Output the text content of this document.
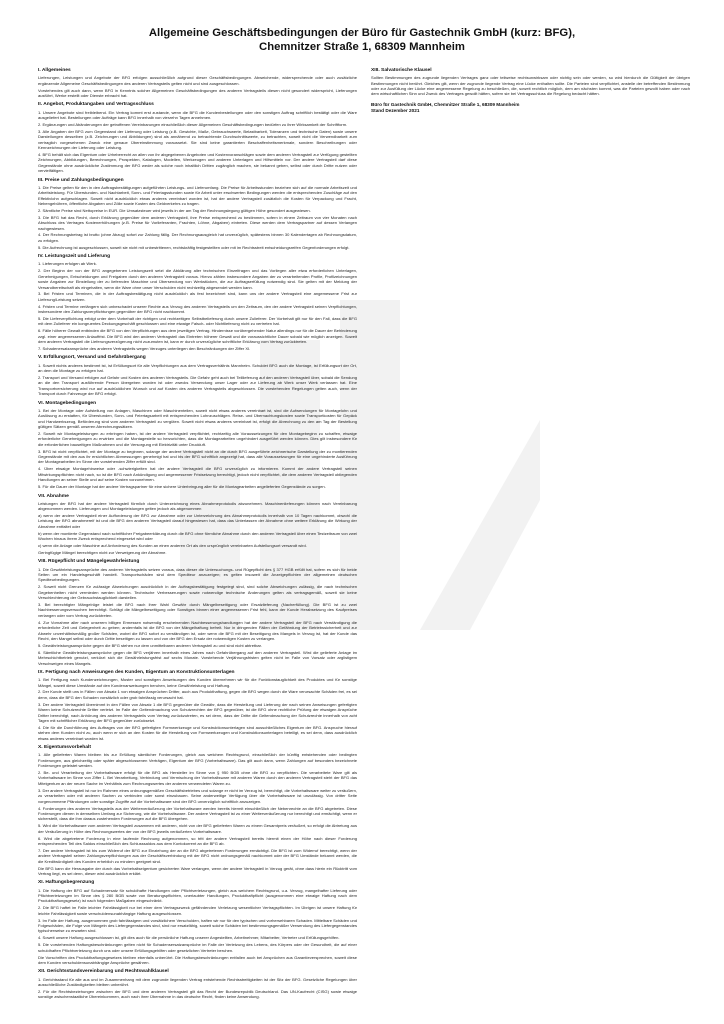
Allgemeine Geschäftsbedingungen der Büro für Gastechnik GmbH (kurz: BFG),
Chemnitzer Straße 1, 68309 Mannheim
I. Allgemeines

Lieferungen, Leistungen und Angebote der BFG erfolgen ausschließlich aufgrund dieser Geschäftsbedingungen. Abweichende, widersprechende oder auch zusätzliche ergänzende Allgemeine Geschäftsbedingungen des anderen Vertragsteils gelten nicht und sind ausgeschlossen.

Vorstehendes gilt auch dann, wenn BFG in Kenntnis solcher Allgemeinen Geschäftsbedingungen des anderen Vertragsteils diesen nicht gesondert widerspricht, Lieferungen ausführt, Werke erstellt oder Dienste erbracht hat.

II. Angebot, Produktangaben und Vertragsschluss

1. Unsere Angebote sind freibleibend. Ein Vertrag kommt erst zustande, wenn die BFG die Kundenbestellungen oder den sonstigen Auftrag schriftlich bestätigt oder die Ware ausgeliefert hat. Bestellungen oder Aufträge kann BFG innerhalb von vierzehn Tagen annehmen.

2. Ergänzungen und Abänderungen der getroffenen Vereinbarungen einschließlich dieser Allgemeinen Geschäftsbedingungen bedürfen zu ihrer Wirksamkeit der Schriftform.

3. Alle Angaben der BFG zum Gegenstand der Lieferung oder Leistung (z.B. Gewichte, Maße, Gebrauchswerte, Belastbarkeit, Toleranzen und technische Daten) sowie unsere Darstellungen desselben (z.B. Zeichnungen und Abbildungen) sind als annähernd zu betrachtende Durchschnittswerte, zu betrachten, soweit nicht die Verwendbarkeit zum vertraglich vorgesehenen Zweck eine genaue Übereinstimmung voraussetzt. Sie sind keine garantierten Beschaffenheitsmerkmale, sondern Beschreibungen oder Kennzeichnungen der Lieferung oder Leistung.

4. BFG behält sich das Eigentum oder Urheberrecht an allen von ihr abgegebenen Angeboten und Kostenvoranschlägen sowie dem anderen Vertragsteil zur Verfügung gestellten Zeichnungen, Abbildungen, Berechnungen, Prospekten, Katalogen, Modellen, Werkzeugen und anderen Unterlagen und Hilfsmitteln vor. Der andere Vertragsteil darf diese Gegenstände ohne ausdrückliche Zustimmung der BFG weder als solche noch inhaltlich Dritten zugänglich machen, sie bekannt geben, selbst oder durch Dritte nutzen oder vervielfältigen.

III. Preise und Zahlungsbedingungen

1. Die Preise gelten für den in den Auftragsbestätigungen aufgeführten Leistungs- und Lieferumfang. Die Preise für Arbeitsstunden beziehen sich auf die normale Arbeitszeit und Arbeitsleistung. Für Überstunden- und Nachtarbeit, Sonn- und Feiertagsstunden sowie für Arbeit unter erschwerten Bedingungen werden die entsprechenden Zuschläge auf den Effektivlohn aufgeschlagen. Soweit nicht ausdrücklich etwas anderes vereinbart worden ist, hat der andere Vertragsteil zusätzlich die Kosten für Verpackung und Fracht, Nebengebühren, öffentliche Abgaben und Zölle sowie Kosten des Geldverkehrs zu tragen.

2. Sämtliche Preise sind Nettopreise in EUR. Die Umsatzsteuer wird jeweils in der am Tag der Rechnungslegung gültigen Höhe gesondert ausgewiesen.

3. Die BFG hat das Recht, durch Erklärung gegenüber dem anderen Vertragsteil, ihre Preise entsprechend zu bestimmen, sofern in einem Zeitraum von vier Monaten nach Abschluss des Vertrages Kostenerhöhungen (z.B. Preise für Vorlieferanten, Frachten, Löhne, Abgaben) eintreten. Diese werden dem Vertragspartner auf dessen Verlangen nachgewiesen.

4. Der Rechnungsbetrag ist brutto (ohne Abzug) sofort zur Zahlung fällig. Der Rechnungsausgleich hat unverzüglich, spätestens binnen 30 Kalendertagen ab Rechnungsdatum, zu erfolgen.

5. Die Aufrechnung ist ausgeschlossen, soweit sie nicht mit unbestrittenen, rechtskräftig festgestellten oder mit im Rechtsstreit entscheidungsreifen Gegenforderungen erfolgt.

IV. Leistungszeit und Lieferung

1. Lieferungen erfolgen ab Werk.

2. Der Beginn der von der BFG angegebenen Leistungszeit setzt die Abklärung aller technischen Einzelfragen und das Vorliegen aller etwa erforderlichen Unterlagen, Genehmigungen, Entscheidungen und Freigaben durch den anderen Vertragsteil voraus. Hierzu zählen insbesondere Angaben der zu verarbeitenden Profile, Profilzeichnungen sowie Angaben zur Einstellung der zu liefernden Maschine und Übersendung von Werkstücken, die zur Auftragserfüllung notwendig sind. Sie gelten mit der Meldung der Versandbereitschaft als eingehalten, wenn die Ware ohne unser Verschulden nicht rechtzeitig abgesendet werden kann.

3. Bei Fristen und Terminen, die in der Auftragsbestätigung nicht ausdrücklich als fest bezeichnet sind, kann uns der andere Vertragsteil eine angemessene Frist zur Lieferung/Leistung setzen.

4. Fristen und Termine verlängern sich unbeschadet unserer Rechte aus Verzug des anderen Vertragsteils um den Zeitraum, den der andere Vertragsteil seinen Verpflichtungen, insbesondere den Zahlungsverpflichtungen gegenüber der BFG nicht nachkommt.

5. Die Lieferverpflichtung erfolgt unter dem Vorbehalt der richtigen und rechtzeitigen Selbstbelieferung durch unsere Zulieferer. Der Vorbehalt gilt nur für den Fall, dass die BFG mit dem Zulieferer ein kongruentes Deckungsgeschäft geschlossen und eine etwaige Falsch- oder Nichtlieferung nicht zu vertreten hat.

6. Fälle höherer Gewalt entbinden die BFG von den Verpflichtungen aus dem jeweiligen Vertrag. Hindernisse vorübergehender Natur allerdings nur für die Dauer der Behinderung zzgl. einer angemessenen Anlauffrist. Die BFG wird den anderen Vertragsteil das Eintreten höherer Gewalt und die voraussichtliche Dauer sobald wie möglich anzeigen. Soweit dem anderen Vertragsteil die Lieferungsverzögerung nicht zuzumuten ist, kann er durch unverzügliche schriftliche Erklärung vom Vertrag zurücktreten.

7. Schadenersatzansprüche des anderen Vertragsteils wegen Verzuges unterliegen den Beschränkungen der Ziffer XI.

V. Erfüllungsort, Versand und Gefahrübergang

1. Soweit nichts anderes bestimmt ist, ist Erfüllungsort für alle Verpflichtungen aus dem Vertragsverhältnis Mannheim. Schuldet BFG auch die Montage, ist Erfüllungsort der Ort, an dem die Montage zu erfolgen hat.

2. Transport und Versand erfolgen auf Gefahr und Kosten des anderen Vertragsteils. Die Gefahr geht auch bei Teillieferung auf den anderen Vertragsteil über, sobald die Sendung an die den Transport ausführende Person übergeben worden ist oder zwecks Versendung unser Lager oder zur Lieferung ab Werk unser Werk verlassen hat. Eine Transportversicherung wird nur auf ausdrücklichen Wunsch und auf Kosten des anderen Vertragsteils abgeschlossen. Die vorstehenden Regelungen gelten auch, wenn der Transport durch Fahrzeuge der BFG erfolgt.

VI. Montagebedingungen

1. Bei der Montage oder Aufstellung von Anlagen, Maschinen oder Maschinenteilen, soweit nicht etwas anderes vereinbart ist, sind die Aufwendungen für Montagelohn und Auslösung zu erstatten, für Überstunden, Sonn- und Feiertagsarbeit mit entsprechenden Lohnzuschlägen. Reise- und Übernachtungskosten sowie Transportkosten für Gepäck und Handwerkszeug, Beförderung sind vom anderen Vertragsteil zu vergüten. Soweit nicht etwas anderes vereinbart ist, erfolgt die Abrechnung zu den am Tag der Bestellung gültigen Sätzen gemäß unseren Abrechnungssätzen.

2. Soweit wir Montageleistungen zu erbringen haben, ist der andere Vertragsteil verpflichtet, rechtzeitig alle Voraussetzungen für den Montagebeginn zu schaffen, etwaige erforderliche Genehmigungen zu erwirken und die Montagestelle so herzurichten, dass die Montagearbeiten ungehindert ausgeführt werden können. Dies gilt insbesondere für die erforderlichen bauseitigen Maßnahmen und die Versorgung mit Elektrizität unter Druckluft.

3. BFG ist nicht verpflichtet, mit der Montage zu beginnen, solange der andere Vertragsteil nicht an die durch BFG ausgeführte zeichnerische Darstellung der zu montierenden Gegenstände mit den aus ihr ersichtlichen Abmessungen genehmigt hat und bis der BFG schriftlich angezeigt hat, dass alle Voraussetzungen für eine ungehinderte Ausführung der Montagearbeiten im Sinne der vorstehenden Ziffer erfüllt sind.

4. Über etwaige Montagehinweise oder -schwierigkeiten hat der andere Vertragsteil die BFG unverzüglich zu informieren. Kommt der andere Vertragsteil seinen Mitwirkungspflichten nicht nach, so ist die BFG nach Ankündigung und angemessener Fristsetzung berechtigt, jedoch nicht verpflichtet, die dem anderen Vertragsteil obliegenden Handlungen an seiner Stelle und auf seine Kosten vorzunehmen.

5. Für die Dauer der Montage hat der andere Vertragspartner für eine sichere Unterbringung aller für die Montagearbeiten angelieferten Gegenstände zu sorgen.

VII. Abnahme

Leistungen der BFG hat der andere Vertragsteil förmlich durch Unterzeichnung eines Abnahmeprotokolls abzunehmen. Maschinenlieferungen können nach Vereinbarung abgenommen werden. Lieferungen und Montageleistungen gelten jedoch als abgenommen

a) wenn der andere Vertragsteil einer Aufforderung der BFG zur Abnahme oder zur Unterzeichnung des Abnahmeprotokolls innerhalb von 10 Tagen nachkommt, obwohl die Leistung der BFG abnahmereif ist und die BFG den anderen Vertragsteil darauf hingewiesen hat, dass das Unterlassen der Abnahme ohne weitere Erklärung die Wirkung der Abnahme entfaltet oder

b) wenn der montierte Gegenstand nach schriftlicher Freigabeerklärung durch die BFG ohne förmliche Abnahme durch den anderen Vertragsteil über einen Testzeitraum von zwei Wochen hinaus ihrem Zweck entsprechend eingesetzt wird oder

c) wenn die Anlage oder Maschine auf Anforderung des Kunden an einen anderen Ort als den ursprünglich vereinbarten Aufstellungsort versandt wird.

Geringfügige Mängel berechtigen nicht zur Verweigerung der Abnahme.

VIII. Rügepflicht und Mängelgewährleistung

1. Die Gewährleistungsansprüche des anderen Vertragsteils setzen voraus, dass dieser die Untersuchungs- und Rügepflicht des § 377 HGB erfüllt hat, sofern es sich für beide Seiten um ein Handelsgeschäft handelt. Transportschäden sind dem Spediteur anzuzeigen; es gelten insoweit die Anzeigepflichten der allgemeinen deutschen Spediteurbedingungen.

2. Soweit nicht Grenzen für zulässige Abweichungen ausdrücklich in der Auftragsbestätigung festgelegt sind, sind solche Abweichungen zulässig, die nach technischen Gegebenheiten nicht vermieden werden können. Technische Verbesserungen sowie notwendige technische Änderungen gelten als vertragsgemäß, soweit sie keine Verschlechterung der Gebrauchstauglichkeit darstellen.

3. Bei berechtigter Mängelrüge leistet die BFG nach ihrer Wahl Gewähr durch Mängelbeseitigung oder Ersatzlieferung (Nacherfüllung). Die BFG ist zu zwei Nachbesserungsversuchen berechtigt. Schlägt die Mängelbeseitigung oder Sonstiges binnen einer angemessenen Frist fehl, kann der Kunde Herabsetzung des Kaufpreises verlangen oder vom Vertrag zurücktreten.

4. Zur Vornahme aller nach unserem billigen Ermessen notwendig erscheinenden Nachbesserungshandlungen hat der andere Vertragsteil der BFG nach Verständigung die erforderliche Zeit und Gelegenheit zu geben; andernfalls ist die BFG von der Mängelhaftung befreit. Nur in dringenden Fällen der Gefährdung der Betriebssicherheit und zur Abwehr unverhältnismäßig großer Schäden, wobei die BFG sofort zu verständigen ist, oder wenn die BFG mit der Beseitigung des Mangels in Verzug ist, hat der Kunde das Recht, den Mangel selbst oder durch Dritte beseitigen zu lassen und von der BFG den Ersatz der notwendigen Kosten zu verlangen.

5. Gewährleistungsansprüche gegen die BFG stehen nur dem unmittelbaren anderen Vertragsteil zu und sind nicht abtretbar.

6. Sämtliche Gewährleistungsansprüche gegen die BFG verjähren innerhalb eines Jahres nach Gefahrübergang auf den anderen Vertragsteil. Wird die gelieferte Anlage im Mehrschichtbetrieb genutzt, verkürzt sich die Gewährleistungsfrist auf sechs Monate. Vorstehende Verjährungsfristen gelten nicht im Falle von Vorsatz oder arglistigem Verschweigen eines Mangels.

IX. Fertigung nach Anweisungen des Kunden, Eigentum an Konstruktionsunterlagen

1. Bei Fertigung nach Kundenzeichnungen, Muster und sonstigen Anweisungen des Kunden übernehmen wir für die Funktionstauglichkeit des Produktes und für sonstige Mängel, soweit diese Umstände auf den Kundenanweisungen beruhen, keine Gewährleistung und Haftung.

2. Der Kunde stellt uns in Fällen von Absatz 1 von etwaigen Ansprüchen Dritter, auch aus Produkthaftung, gegen die BFG wegen durch die Ware verursachte Schäden frei, es sei denn, dass die BFG den Schaden vorsätzlich oder grob fahrlässig verursacht hat.

3. Der andere Vertragsteil übernimmt in den Fällen von Absatz 1 die BFG gegenüber die Gewähr, dass die Herstellung und Lieferung der nach seinen Anweisungen gefertigten Waren keine Schutzrechte Dritter verletzt. Im Falle der Geltendmachung von Schutzrechten der BFG gegenüber, ist die BFG ohne rechtliche Prüfung der etwaigen Ansprüche Dritter berechtigt, nach Anhörung des anderen Vertragsteils vom Vertrag zurückzutreten, es sei denn, dass der Dritte die Geltendmachung der Schutzrechte innerhalb von acht Tagen mit schriftlicher Erklärung der BFG gegenüber zurücksetzt.

4. Die für die Durchführung des Auftrages von der BFG gefertigten Formwerkzeuge und Konstruktionsunterlagen sind ausschließliches Eigentum der BFG. Anspruche hierauf stehen dem Kunden nicht zu, auch wenn er sich an den Kosten für die Herstellung von Formwerkzeugen und Konstruktionsunterlagen beteiligt, es sei denn, dass ausdrücklich etwas anderes vereinbart worden ist.

X. Eigentumsvorbehalt

1. Alle gelieferten Waren bleiben bis zur Erfüllung sämtlicher Forderungen, gleich aus welchem Rechtsgrund, einschließlich der künftig entstehenden oder bedingten Forderungen, aus gleichzeitig oder später abgeschlossenen Verträgen, Eigentum der BFG (Vorbehaltsware). Das gilt auch dann, wenn Zahlungen auf besonders bezeichnete Forderungen geleistet werden.

2. Be- und Verarbeitung der Vorbehaltsware erfolgt für die BFG als Hersteller im Sinne von § 950 BGB ohne die BFG zu verpflichten. Die verarbeitete Ware gilt als Vorbehaltsware im Sinne von Ziffer 1. Bei Verarbeitung, Verbindung und Vermischung der Vorbehaltsware mit anderen Waren durch den anderen Vertragsteil steht der BFG das Miteigentum an der neuen Sache im Verhältnis zum Rechnungswertes der anderen verwendeten Waren zu.

3. Der andere Vertragsteil ist nur im Rahmen eines ordnungsgemäßen Geschäftsbetriebes und solange er nicht im Verzug ist, berechtigt, die Vorbehaltsware weiter zu veräußern, zu verarbeiten oder mit anderen Sachen zu verbinden oder sonst einzubauen. Seine anderweitige Verfügung über die Vorbehaltsware ist unzulässig. Von dritter Seite vorgenommene Pfändungen oder sonstige Zugriffe auf die Vorbehaltsware sind der BFG unverzüglich schriftlich anzuzeigen.

4. Forderungen des anderen Vertragsteils aus der Weiterveräußerung der Vorbehaltsware werden bereits hiermit einschließlich der Nebenrechte an die BFG abgetreten. Diese Forderungen dienen in demselben Umfang zur Sicherung, wie die Vorbehaltsware. Der andere Vertragsteil ist zu einer Weiterveräußerung nur berechtigt und ermächtigt, wenn er sicherstellt, dass die ihm daraus zustehenden Forderungen auf die BFG übergehen.

5. Wird die Vorbehaltsware vom anderen Vertragsteil zusammen mit anderen, nicht von der BFG gelieferten Waren zu einem Gesamtpreis veräußert, so erfolgt die Abtretung aus der Veräußerung in Höhe des Rechnungswertes der von der BFG jeweils veräußerten Vorbehaltsware.

6. Wird die abgetretene Forderung in eine laufende Rechnung aufgenommen, so tritt der andere Vertragsteil bereits hiermit einen der Höhe nach dieser Forderung entsprechenden Teil des Saldos einschließlich des Schlusssaldos aus dem Kontokorrent an die BFG ab.

7. Der andere Vertragsteil ist bis zum Widerruf der BFG zur Einziehung der an die BFG abgetretenen Forderungen ermächtigt. Die BFG ist zum Widerruf berechtigt, wenn der andere Vertragsteil seinen Zahlungsverpflichtungen aus der Geschäftsverbindung mit der BFG nicht ordnungsgemäß nachkommt oder der BFG Umstände bekannt werden, die die Kreditwürdigkeit des Kunden erheblich zu mindern geeignet sind.

Die BFG kann die Herausgabe der durch das Vorbehaltseigentum gesicherten Ware verlangen, wenn der andere Vertragsteil in Verzug gerät, ohne dass hierin ein Rücktritt vom Vertrag liegt, es sei denn, dieser wird ausdrücklich erklärt.

XI. Haftungsbegrenzung

1. Die Haftung der BFG auf Schadenersatz für schuldhafte Handlungen oder Pflichtverletzungen, gleich aus welchem Rechtsgrund, u.a. Verzug, mangelhafter Lieferung oder Pflichtverletzungen im Sinne des § 280 BGB sowie von Beratungspflichten, unerlaubter Handlungen, Produkthaftpflicht (ausgenommen eine etwaige Haftung nach dem Produkthaftungsgesetz) ist nach folgenden Maßgaben eingeschränkt.

2. Die BFG haftet im Falle leichter Fahrlässigkeit nur bei einer dem Vertragszweck gefährdenden Verletzung wesentlicher Vertragspflichten. Im Übrigen ist unsere Haftung für leichte Fahrlässigkeit sowie verschuldensunabhängige Haftung ausgeschlossen.

3. Im Falle der Haftung, ausgenommen grob fahrlässigem und vorsätzlichem Verschulden, haften wir nur für den typischen und vorhersehbaren Schaden. Mittelbare Schäden und Folgeschäden, die Folge von Mängeln des Liefergegenstandes sind, sind nur ersatzfähig, soweit solche Schäden bei bestimmungsgemäßer Verwendung des Liefergegenstandes typischerweise zu erwarten sind.

4. Soweit unsere Haftung ausgeschlossen ist, gilt dies auch für die persönliche Haftung unserer Angestellten, Arbeitnehmer, Mitarbeiter, Vertreter und Erfüllungsgehilfen.

5. Die vorstehenden Haftungsbeschränkungen gelten nicht für Schadensersatzansprüche im Falle der Verletzung des Lebens, des Körpers oder der Gesundheit, die auf einer schuldhaften Pflichtverletzung durch uns oder unsere Erfüllungsgehilfen oder gesetzlichen Vertreter beruhen.

Die Vorschriften des Produkthaftungsgesetzes bleiben ebenfalls unberührt. Die Haftungsbeschränkungen entfallen auch bei Ansprüchen aus Garantieversprechen, soweit diese dem Kunden verschuldensunabhängige Ansprüche gewähren.

XII. Gerichtsstandsvereinbarung und Rechtswahlklausel

1. Gerichtsstand für alle aus und im Zusammenhang mit dem zugrunde liegenden Vertrag entstehende Rechtsstreitigkeiten ist der Sitz der BFG. Gesetzliche Regelungen über ausschließliche Zuständigkeiten bleiben unberührt.

2. Für die Rechtsbeziehungen zwischen der BFG und dem anderen Vertragsteil gilt das Recht der Bundesrepublik Deutschland. Das UN-Kaufrecht (CISG) sowie etwaige sonstige zwischenstaatliche Übereinkommen, auch nach ihrer Übernahme in das deutsche Recht, finden keine Anwendung.

XIII. Salvatorische Klausel

Sollten Bestimmungen des zugrunde liegenden Vertrages ganz oder teilweise rechtsunwirksam oder nichtig sein oder werden, so wird hierdurch die Gültigkeit der übrigen Bestimmungen nicht berührt. Gleiches gilt, wenn der zugrunde liegende Vertrag eine Lücke enthalten sollte. Die Parteien sind verpflichtet, anstelle der betreffenden Bestimmung oder zur Ausfüllung der Lücke eine angemessene Regelung zu beschließen, die, soweit rechtlich möglich, dem am nächsten kommt, was die Parteien gewollt haben oder nach dem wirtschaftlichen Sinn und Zweck des Vertrages gewollt hätten, sofern sie bei Vertragsschluss die Regelung bedacht hätten.

Büro für Gastechnik GmbH, Chemnitzer Straße 1, 68309 Mannheim
Stand Dezember 2021
